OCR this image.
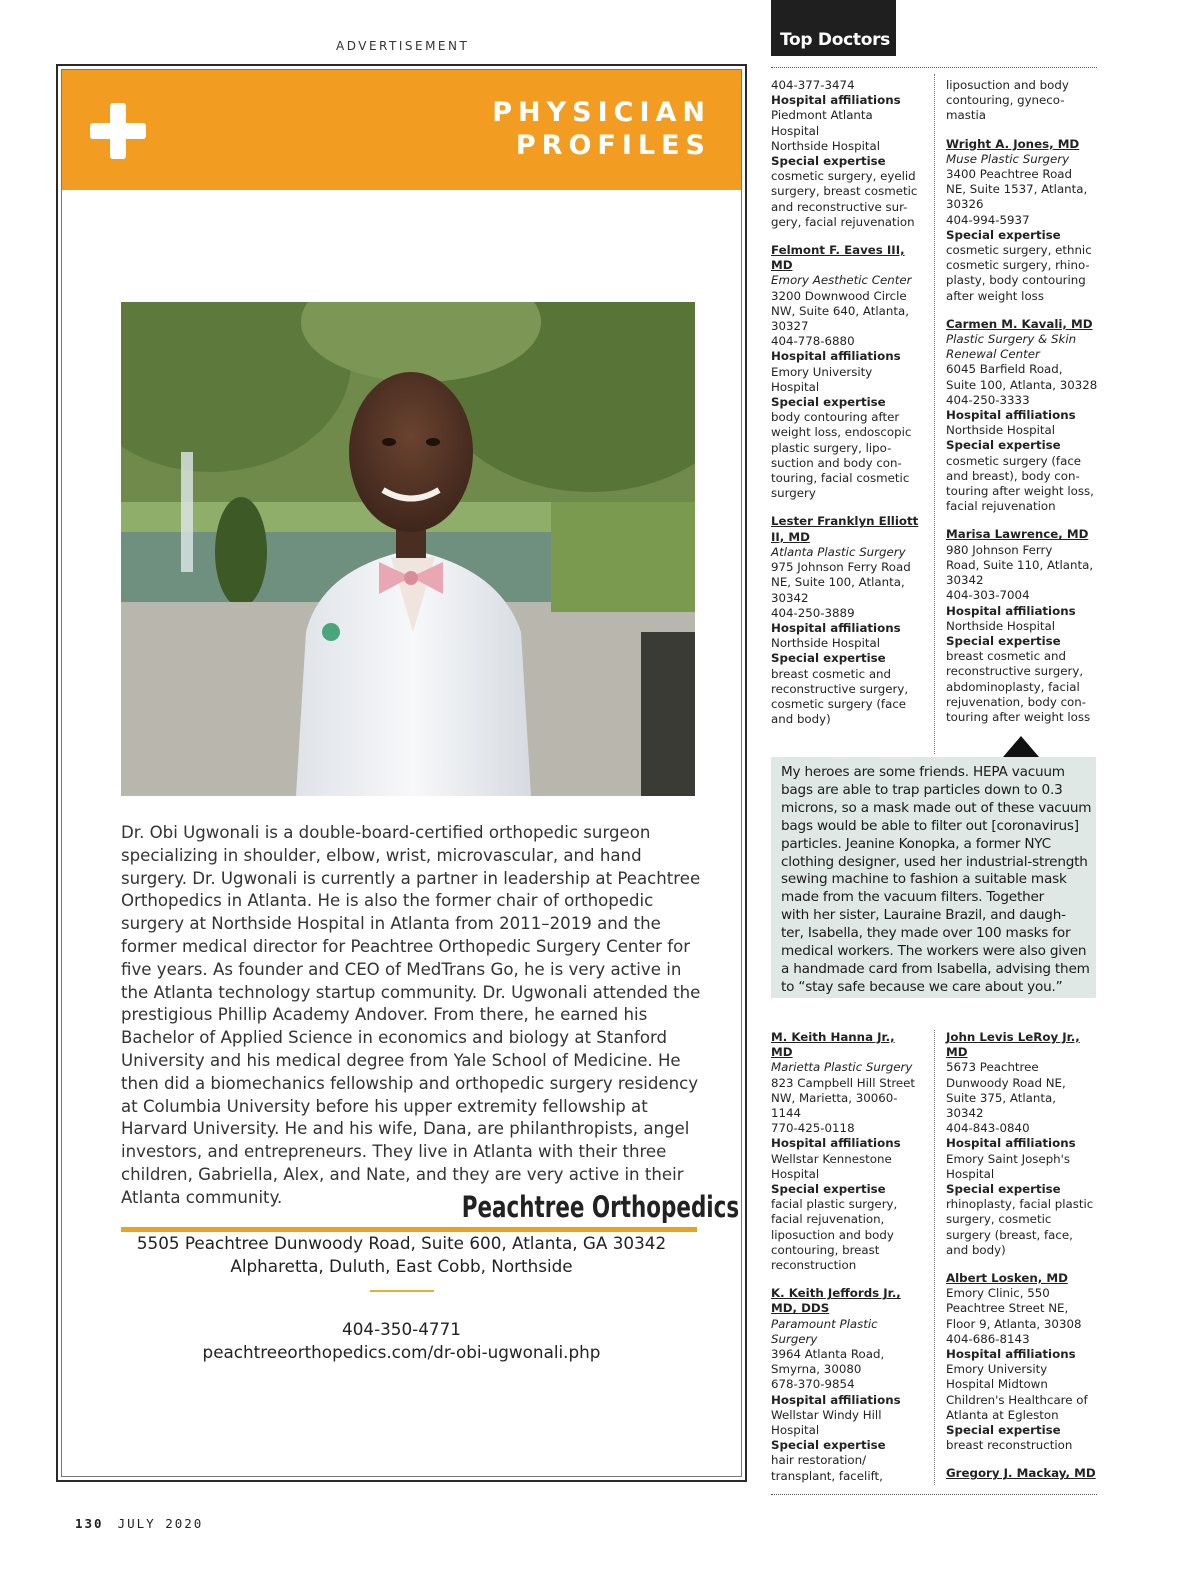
ADVERTISEMENT
PHYSICIAN
PROFILES
Dr. Obi Ugwonali is a double-board-certified orthopedic surgeon specializing in shoulder, elbow, wrist, microvascular, and hand surgery. Dr. Ugwonali is currently a partner in leadership at Peachtree Orthopedics in Atlanta. He is also the former chair of orthopedic surgery at Northside Hospital in Atlanta from 2011–2019 and the former medical director for Peachtree Orthopedic Surgery Center for five years. As founder and CEO of MedTrans Go, he is very active in the Atlanta technology startup community. Dr. Ugwonali attended the prestigious Phillip Academy Andover. From there, he earned his Bachelor of Applied Science in economics and biology at Stanford University and his medical degree from Yale School of Medicine. He then did a biomechanics fellowship and orthopedic surgery residency at Columbia University before his upper extremity fellowship at Harvard University. He and his wife, Dana, are philanthropists, angel investors, and entrepreneurs. They live in Atlanta with their three children, Gabriella, Alex, and Nate, and they are very active in their Atlanta community.	Peachtree Orthopedics
5505 Peachtree Dunwoody Road, Suite 600, Atlanta, GA 30342
Alpharetta, Duluth, East Cobb, Northside
404-350-4771
peachtreeorthopedics.com/dr-obi-ugwonali.php
130 JULY 2020
Top Doctors

404-377-3474

Hospital affiliations

Piedmont Atlanta

Hospital

Northside Hospital

Special expertise

cosmetic surgery, eyelid

surgery, breast cosmetic

and reconstructive sur-

gery, facial rejuvenation

Felmont F. Eaves III,

MD

Emory Aesthetic Center

3200 Downwood Circle

NW, Suite 640, Atlanta,

30327

404-778-6880

Hospital affiliations

Emory University

Hospital

Special expertise

body contouring after

weight loss, endoscopic

plastic surgery, lipo-

suction and body con-

touring, facial cosmetic

surgery

Lester Franklyn Elliott

II, MD

Atlanta Plastic Surgery

975 Johnson Ferry Road

NE, Suite 100, Atlanta,

30342

404-250-3889

Hospital affiliations

Northside Hospital

Special expertise

breast cosmetic and

reconstructive surgery,

cosmetic surgery (face

and body)

liposuction and body

contouring, gyneco-

mastia

Wright A. Jones, MD

Muse Plastic Surgery

3400 Peachtree Road

NE, Suite 1537, Atlanta,

30326

404-994-5937

Special expertise

cosmetic surgery, ethnic

cosmetic surgery, rhino-

plasty, body contouring

after weight loss

Carmen M. Kavali, MD

Plastic Surgery & Skin

Renewal Center

6045 Barfield Road,

Suite 100, Atlanta, 30328

404-250-3333

Hospital affiliations

Northside Hospital

Special expertise

cosmetic surgery (face

and breast), body con-

touring after weight loss,

facial rejuvenation

Marisa Lawrence, MD

980 Johnson Ferry

Road, Suite 110, Atlanta,

30342

404-303-7004

Hospital affiliations

Northside Hospital

Special expertise

breast cosmetic and

reconstructive surgery,

abdominoplasty, facial

rejuvenation, body con-

touring after weight loss

My heroes are some friends. HEPA vacuum

bags are able to trap particles down to 0.3

microns, so a mask made out of these vacuum

bags would be able to filter out [coronavirus]

particles. Jeanine Konopka, a former NYC

clothing designer, used her industrial-strength

sewing machine to fashion a suitable mask

made from the vacuum filters. Together

with her sister, Lauraine Brazil, and daugh-

ter, Isabella, they made over 100 masks for

medical workers. The workers were also given

a handmade card from Isabella, advising them

to “stay safe because we care about you.”

M. Keith Hanna Jr.,

MD

Marietta Plastic Surgery

823 Campbell Hill Street

NW, Marietta, 30060-

1144

770-425-0118

Hospital affiliations

Wellstar Kennestone

Hospital

Special expertise

facial plastic surgery,

facial rejuvenation,

liposuction and body

contouring, breast

reconstruction

K. Keith Jeffords Jr.,

MD, DDS

Paramount Plastic

Surgery

3964 Atlanta Road,

Smyrna, 30080

678-370-9854

Hospital affiliations

Wellstar Windy Hill

Hospital

Special expertise

hair restoration/

transplant, facelift,

John Levis LeRoy Jr.,

MD

5673 Peachtree

Dunwoody Road NE,

Suite 375, Atlanta,

30342

404-843-0840

Hospital affiliations

Emory Saint Joseph's

Hospital

Special expertise

rhinoplasty, facial plastic

surgery, cosmetic

surgery (breast, face,

and body)

Albert Losken, MD

Emory Clinic, 550

Peachtree Street NE,

Floor 9, Atlanta, 30308

404-686-8143

Hospital affiliations

Emory University

Hospital Midtown

Children's Healthcare of

Atlanta at Egleston

Special expertise

breast reconstruction

Gregory J. Mackay, MD
